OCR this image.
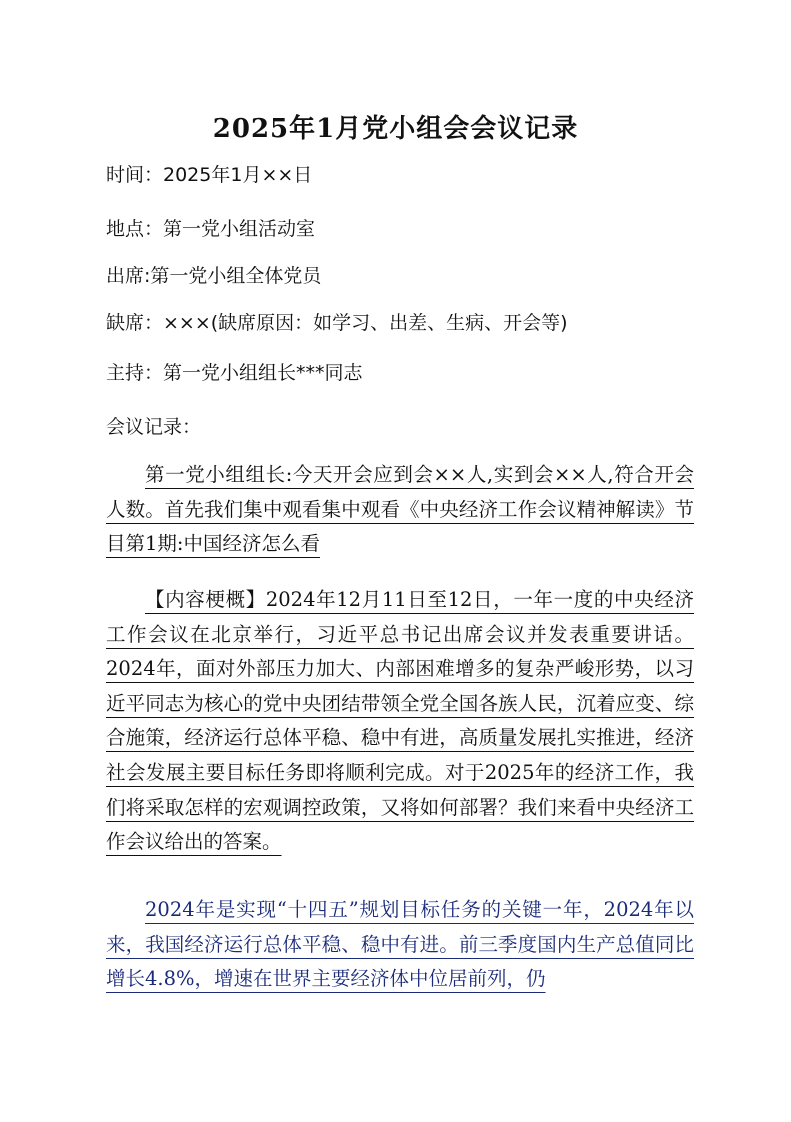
2025年1月党小组会会议记录
时间：2025年1月××日
地点：第一党小组活动室
出席:第一党小组全体党员
缺席：×××(缺席原因：如学习、出差、生病、开会等)
主持：第一党小组组长***同志
会议记录：
第一党小组组长:今天开会应到会××人,实到会××人,符合开会人数。首先我们集中观看集中观看《中央经济工作会议精神解读》节目第1期:中国经济怎么看
【内容梗概】2024年12月11日至12日，一年一度的中央经济工作会议在北京举行，习近平总书记出席会议并发表重要讲话。2024年，面对外部压力加大、内部困难增多的复杂严峻形势，以习近平同志为核心的党中央团结带领全党全国各族人民，沉着应变、综合施策，经济运行总体平稳、稳中有进，高质量发展扎实推进，经济社会发展主要目标任务即将顺利完成。对于2025年的经济工作，我们将采取怎样的宏观调控政策，又将如何部署？我们来看中央经济工作会议给出的答案。
2024年是实现“十四五”规划目标任务的关键一年，2024年以来，我国经济运行总体平稳、稳中有进。前三季度国内生产总值同比增长4.8%，增速在世界主要经济体中位居前列，仍
